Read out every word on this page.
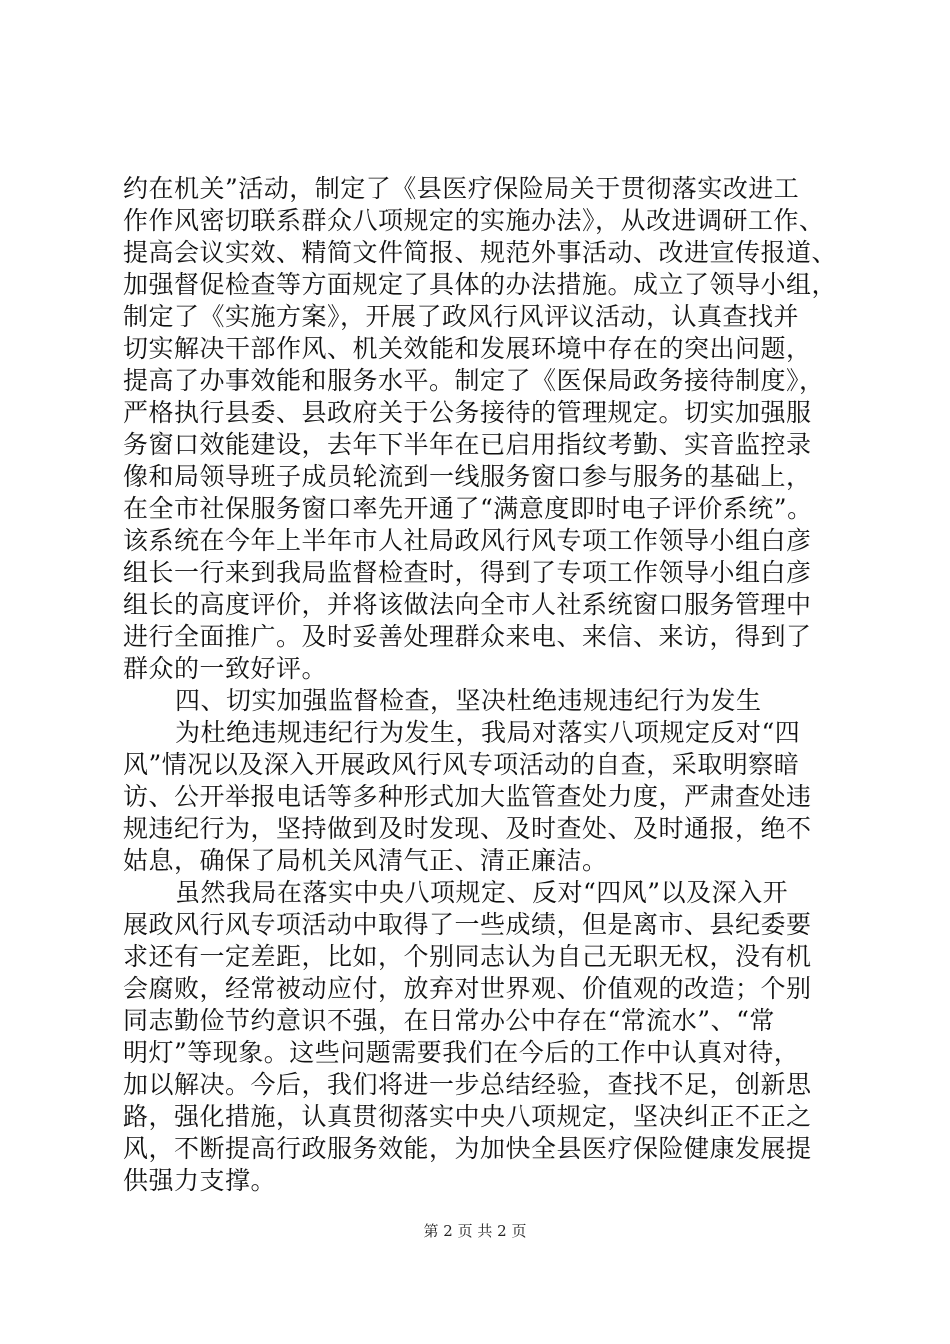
约在机关”活动，制定了《县医疗保险局关于贯彻落实改进工
作作风密切联系群众八项规定的实施办法》，从改进调研工作、
提高会议实效、精简文件简报、规范外事活动、改进宣传报道、
加强督促检查等方面规定了具体的办法措施。成立了领导小组，
制定了《实施方案》，开展了政风行风评议活动，认真查找并
切实解决干部作风、机关效能和发展环境中存在的突出问题，
提高了办事效能和服务水平。制定了《医保局政务接待制度》，
严格执行县委、县政府关于公务接待的管理规定。切实加强服
务窗口效能建设，去年下半年在已启用指纹考勤、实音监控录
像和局领导班子成员轮流到一线服务窗口参与服务的基础上，
在全市社保服务窗口率先开通了“满意度即时电子评价系统”。
该系统在今年上半年市人社局政风行风专项工作领导小组白彦
组长一行来到我局监督检查时，得到了专项工作领导小组白彦
组长的高度评价，并将该做法向全市人社系统窗口服务管理中
进行全面推广。及时妥善处理群众来电、来信、来访，得到了
群众的一致好评。
四、切实加强监督检查，坚决杜绝违规违纪行为发生
为杜绝违规违纪行为发生，我局对落实八项规定反对“四
风”情况以及深入开展政风行风专项活动的自查，采取明察暗
访、公开举报电话等多种形式加大监管查处力度，严肃查处违
规违纪行为，坚持做到及时发现、及时查处、及时通报，绝不
姑息，确保了局机关风清气正、清正廉洁。
虽然我局在落实中央八项规定、反对“四风”以及深入开
展政风行风专项活动中取得了一些成绩，但是离市、县纪委要
求还有一定差距，比如，个别同志认为自己无职无权，没有机
会腐败，经常被动应付，放弃对世界观、价值观的改造；个别
同志勤俭节约意识不强，在日常办公中存在“常流水”、“常
明灯”等现象。这些问题需要我们在今后的工作中认真对待，
加以解决。今后，我们将进一步总结经验，查找不足，创新思
路，强化措施，认真贯彻落实中央八项规定，坚决纠正不正之
风，不断提高行政服务效能，为加快全县医疗保险健康发展提
供强力支撑。
第 2 页 共 2 页
